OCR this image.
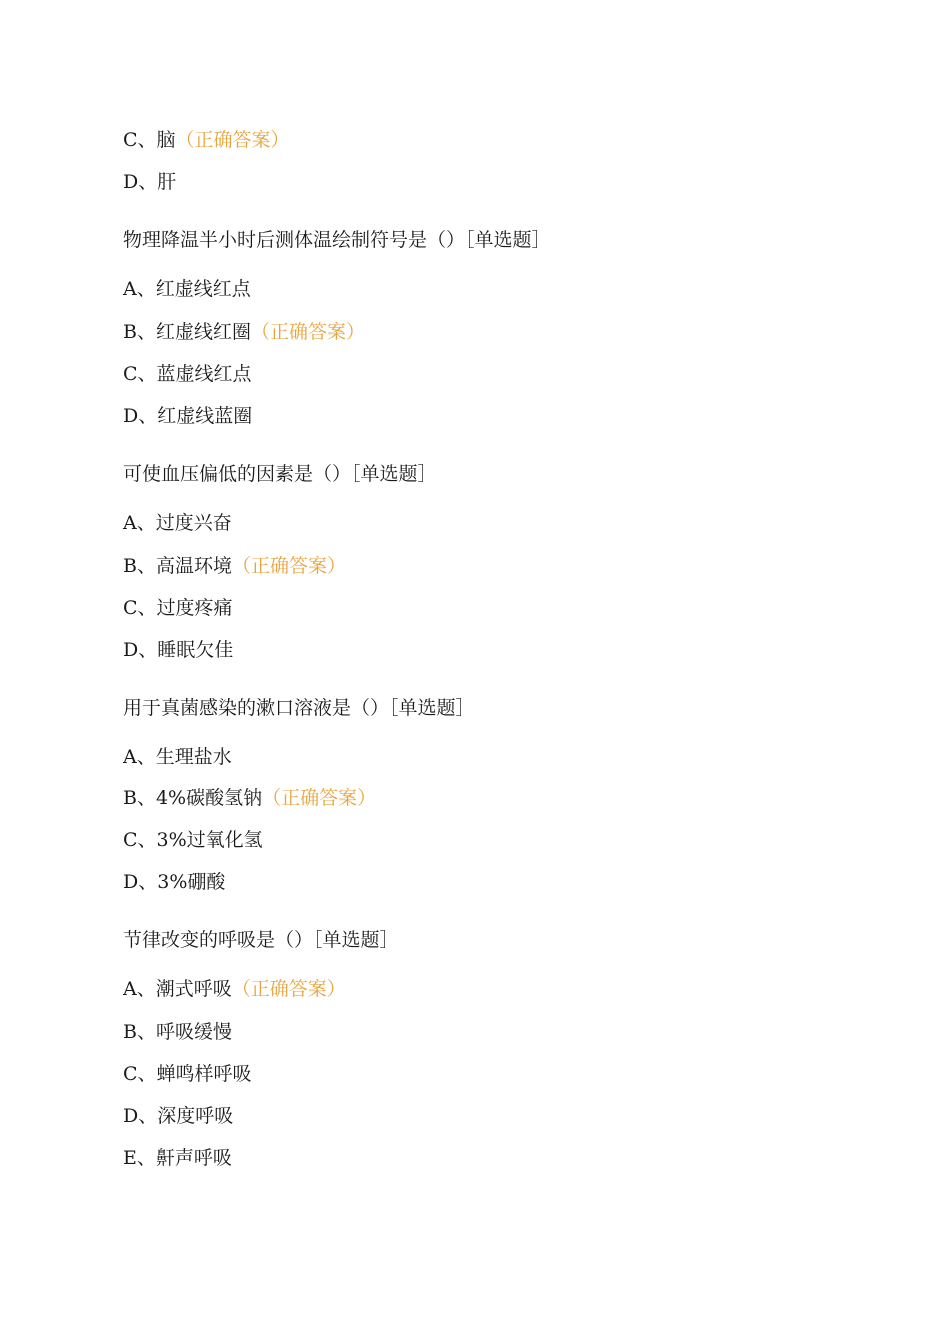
C、脑（正确答案）
D、肝
物理降温半小时后测体温绘制符号是（）［单选题］
A、红虚线红点
B、红虚线红圈（正确答案）
C、蓝虚线红点
D、红虚线蓝圈
可使血压偏低的因素是（）［单选题］
A、过度兴奋
B、高温环境（正确答案）
C、过度疼痛
D、睡眠欠佳
用于真菌感染的漱口溶液是（）［单选题］
A、生理盐水
B、4%碳酸氢钠（正确答案）
C、3%过氧化氢
D、3%硼酸
节律改变的呼吸是（）［单选题］
A、潮式呼吸（正确答案）
B、呼吸缓慢
C、蝉鸣样呼吸
D、深度呼吸
E、鼾声呼吸
